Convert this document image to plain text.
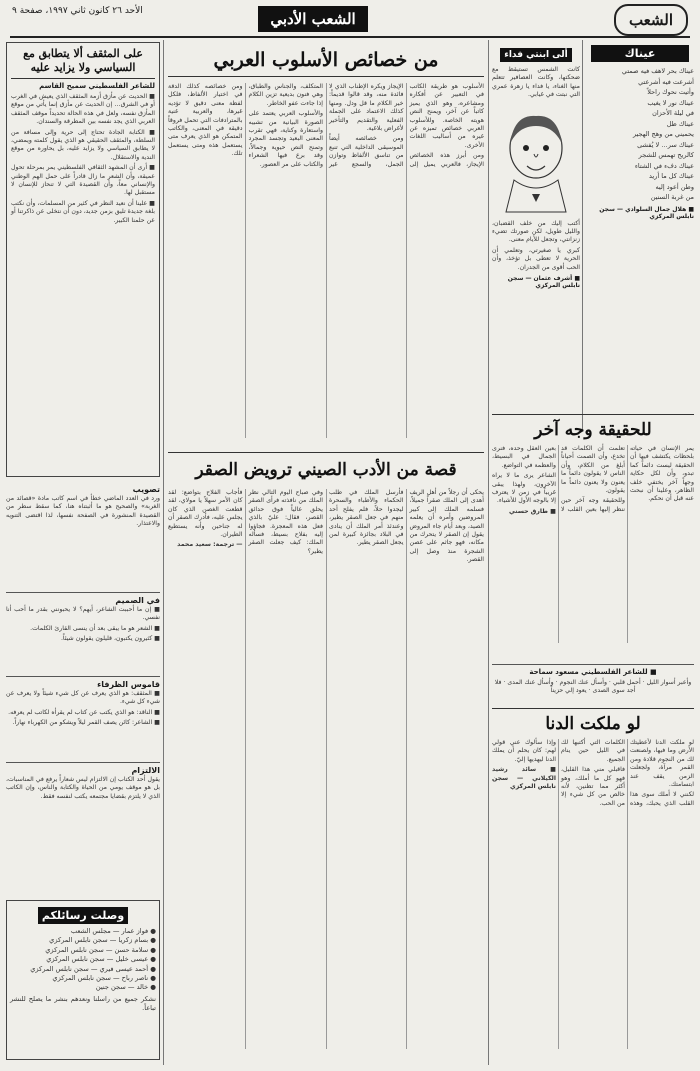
الأحد ٢٦ كانون ثاني ١٩٩٧، صفحة ٩	الشعب الأدبي	الشعب
على المثقف ألا يتطابق مع السياسي ولا يزايد عليه
للشاعر الفلسطيني سميح القاسم

■ الحديث عن مأزق أزمة المثقف الذي يعيش في الغرب أو في الشرق… إن الحديث عن مأزق إنما يأتي من موقع المأزق نفسه، ولعل في هذه الحالة تحديداً موقف المثقف العربي الذي يجد نفسه بين المطرقة والسندان.

■ الكتابة الجادة تحتاج إلى حرية وإلى مسافة من السلطة، والمثقف الحقيقي هو الذي يقول كلمته ويمضي، لا يطابق السياسي ولا يزايد عليه، بل يحاوره من موقع الندية والاستقلال.

■ أرى أن المشهد الثقافي الفلسطيني يمر بمرحلة تحول عميقة، وأن الشعر ما زال قادراً على حمل الهم الوطني والإنساني معاً، وأن القصيدة التي لا تنحاز للإنسان لا مستقبل لها.

■ علينا أن نعيد النظر في كثير من المسلمات، وأن نكتب بلغة جديدة تليق بزمن جديد، دون أن نتخلى عن ذاكرتنا أو عن حلمنا الكبير.

تصويب
ورد في العدد الماضي خطأ في اسم كاتب مادة «قصائد من الغربة» والصحيح هو ما أثبتناه هنا، كما سقط سطر من القصيدة المنشورة في الصفحة نفسها، لذا اقتضى التنويه والاعتذار.
في الصميم

■ إن ما أحببت الشاعر، أيهم؟ لا يحبونني بقدر ما أحب أنا نفسي.

■ الشعر هو ما يبقى بعد أن ينسى القارئ الكلمات.

■ كثيرون يكتبون، قليلون يقولون شيئاً.

قاموس الظرفاء

■ المثقف: هو الذي يعرف عن كل شيء شيئاً ولا يعرف عن شيء كل شيء.

■ الناقد: هو الذي يكتب عن كتاب لم يقرأه لكاتب لم يعرفه.

■ الشاعر: كائن يصف القمر ليلاً ويشكو من الكهرباء نهاراً.

الالتزام
يقول أحد الكتاب إن الالتزام ليس شعاراً يرفع في المناسبات، بل هو موقف يومي من الحياة والكتابة والناس، وإن الكاتب الذي لا يلتزم بقضايا مجتمعه يكتب لنفسه فقط.
وصلت رسائلكم
● فواز عمار — مجلس الشعب
● بسام زكريا — سجن نابلس المركزي
● سلامة حسن — سجن نابلس المركزي
● عيسى خليل — سجن نابلس المركزي
● أحمد عيسى فيري — سجن نابلس المركزي
● ناصر رباح — سجن نابلس المركزي
● خالد — سجن جنين
نشكر جميع من راسلنا ونعدهم بنشر ما يصلح للنشر تباعاً.
من خصائص الأسلوب العربي

الأسلوب هو طريقة الكاتب في التعبير عن أفكاره ومشاعره، وهو الذي يميز كاتباً عن آخر، ويمنح النص هويته الخاصة. وللأسلوب العربي خصائص تميزه عن غيره من أساليب اللغات الأخرى.

ومن أبرز هذه الخصائص الإيجاز، فالعربي يميل إلى الإيجاز ويكره الإطناب الذي لا فائدة منه، وقد قالوا قديماً: خير الكلام ما قل ودل. ومنها كذلك الاعتماد على الجملة الفعلية والتقديم والتأخير لأغراض بلاغية.

ومن خصائصه أيضاً الموسيقى الداخلية التي تنبع من تناسق الألفاظ وتوازن الجمل، والسجع غير المتكلف، والجناس والطباق، وهي فنون بديعية تزين الكلام إذا جاءت عفو الخاطر.

والأسلوب العربي يعتمد على الصورة البيانية من تشبيه واستعارة وكناية، فهي تقرب المعنى البعيد وتجسد المجرد وتمنح النص حيوية وجمالاً، وقد برع فيها الشعراء والكتاب على مر العصور.

ومن خصائصه كذلك الدقة في اختيار الألفاظ، فلكل لفظة معنى دقيق لا تؤديه غيرها، والعربية غنية بالمترادفات التي تحمل فروقاً دقيقة في المعنى، والكاتب المتمكن هو الذي يعرف متى يستعمل هذه ومتى يستعمل تلك.

قصة من الأدب الصيني ترويض الصقر

يحكى أن رجلاً من أهل الريف أهدى إلى الملك صقراً جميلاً، فسلمه الملك إلى كبير المروضين وأمره أن يعلمه الصيد، وبعد أيام جاء المروض يقول إن الصقر لا يتحرك من مكانه، فهو جاثم على غصن الشجرة منذ وصل إلى القصر.

فأرسل الملك في طلب الحكماء والأطباء والسحرة ليجدوا حلاً، فلم يفلح أحد منهم في جعل الصقر يطير، وعندئذ أمر الملك أن ينادى في البلاد بجائزة كبيرة لمن يجعل الصقر يطير.

وفي صباح اليوم التالي نظر الملك من نافذته فرأى الصقر يحلق عالياً فوق حدائق القصر، فقال: عليّ بالذي فعل هذه المعجزة. فجاؤوا إليه بفلاح بسيط، فسأله الملك: كيف جعلت الصقر يطير؟

فأجاب الفلاح بتواضع: لقد كان الأمر سهلاً يا مولاي، لقد قطعت الغصن الذي كان يجلس عليه، فأدرك الصقر أن له جناحين وأنه يستطيع الطيران.

— ترجمة: سعيد محمد

ألى ابنتي فداء

كانت الشمس تستيقظ مع ضحكتها، وكانت العصافير تتعلم منها الغناء، يا فداء يا زهرة عمري التي نبتت في غيابي.

أكتب إليك من خلف القضبان، والليل طويل، لكن صورتك تضيء زنزانتي، وتجعل للأيام معنى.

كبري يا صغيرتي، وتعلمي أن الحرية لا تعطى بل تؤخذ، وأن الحب أقوى من الجدران.

■ أشرف عثمان — سجن نابلس المركزي
عيناك
عيناك بحر لاهف فيه صمتي
أشرعت فيه أشرعتي
وأتيت نحوك راحلاً
عيناك نور لا يغيب
في ليلة الأحزان
عيناك ظل
يحميني من وهج الهجير
عيناك سر… لا يُفشى
كالريح تهمس للشجر
عيناك دفء في الشتاء
عيناك كل ما أريد
وطن أعود إليه
من غربة السنين
■ هلال جمال السلوادي — سجن نابلس المركزي
للحقيقة وجه آخر

يمر الإنسان في حياته بلحظات يكتشف فيها أن الحقيقة ليست دائماً كما تبدو، وأن لكل حكاية وجهاً آخر يختفي خلف الظاهر، وعلينا أن نبحث عنه قبل أن نحكم.

تعلمت أن الكلمات قد تخدع، وأن الصمت أحياناً أبلغ من الكلام، وأن الناس لا يقولون دائماً ما يعنون ولا يعنون دائماً ما يقولون.

وللحقيقة وجه آخر حين ننظر إليها بعين القلب لا بعين العقل وحده، فنرى الجمال في البسيط، والعظمة في التواضع.

الشاعر يرى ما لا يراه الآخرون، ولهذا يبقى غريباً في زمن لا يعترف إلا بالوجه الأول للأشياء.

■ طارق حسني

■ للشاعر الفلسطيني مسعود سماحة
وأعبر أسوار الليل · أحمل قلبي · وأسأل عنك النجوم · وأسأل عنك المدى · فلا أجد سوى الصدى · يعود إلي حزيناً
لو ملكت الدنا

لو ملكت الدنا لأعطيتك الأرض وما فيها، ولصنعت لك من النجوم قلادة ومن القمر مرآة، ولجعلت الزمن يقف عند ابتسامتك.

لكنني لا أملك سوى هذا القلب الذي يحبك، وهذه الكلمات التي أكتبها لك في الليل حين ينام الجميع.

فاقبلي مني هذا القليل، فهو كل ما أملك، وهو أكثر مما تظنين، لأنه خالص من كل شيء إلا من الحب.

وإذا سألوك عني قولي لهم: كان يحلم أن يملك الدنا ليهديها إليّ.

■ سائد رشيد الكيلاني — سجن نابلس المركزي
